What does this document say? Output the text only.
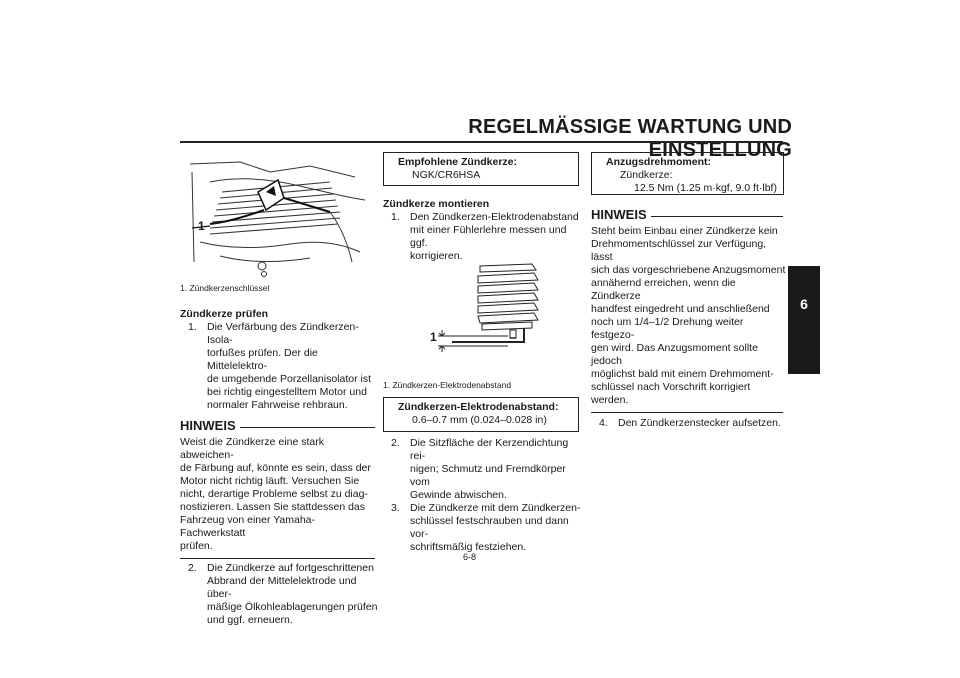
REGELMÄSSIGE WARTUNG UND EINSTELLUNG
6
1
1. Zündkerzenschlüssel
Zündkerze prüfen
1. Die Verfärbung des Zündkerzen-Isola-
torfußes prüfen. Der die Mittelelektro-
de umgebende Porzellanisolator ist
bei richtig eingestelltem Motor und
normaler Fahrweise rehbraun.
HINWEIS
Weist die Zündkerze eine stark abweichen-
de Färbung auf, könnte es sein, dass der
Motor nicht richtig läuft. Versuchen Sie
nicht, derartige Probleme selbst zu diag-
nostizieren. Lassen Sie stattdessen das
Fahrzeug von einer Yamaha-Fachwerkstatt
prüfen.
2. Die Zündkerze auf fortgeschrittenen
Abbrand der Mittelelektrode und über-
mäßige Ölkohleablagerungen prüfen
und ggf. erneuern.
Empfohlene Zündkerze:
NGK/CR6HSA
Zündkerze montieren
1. Den Zündkerzen-Elektrodenabstand
mit einer Fühlerlehre messen und ggf.
korrigieren.
1
1. Zündkerzen-Elektrodenabstand
Zündkerzen-Elektrodenabstand:
0.6–0.7 mm (0.024–0.028 in)
2. Die Sitzfläche der Kerzendichtung rei-
nigen; Schmutz und Fremdkörper vom
Gewinde abwischen.
3. Die Zündkerze mit dem Zündkerzen-
schlüssel festschrauben und dann vor-
schriftsmäßig festziehen.
Anzugsdrehmoment:
Zündkerze:
12.5 Nm (1.25 m·kgf, 9.0 ft·lbf)
HINWEIS
Steht beim Einbau einer Zündkerze kein
Drehmomentschlüssel zur Verfügung, lässt
sich das vorgeschriebene Anzugsmoment
annähernd erreichen, wenn die Zündkerze
handfest eingedreht und anschließend
noch um 1/4–1/2 Drehung weiter festgezo-
gen wird. Das Anzugsmoment sollte jedoch
möglichst bald mit einem Drehmoment-
schlüssel nach Vorschrift korrigiert werden.
4. Den Zündkerzenstecker aufsetzen.
6-8
